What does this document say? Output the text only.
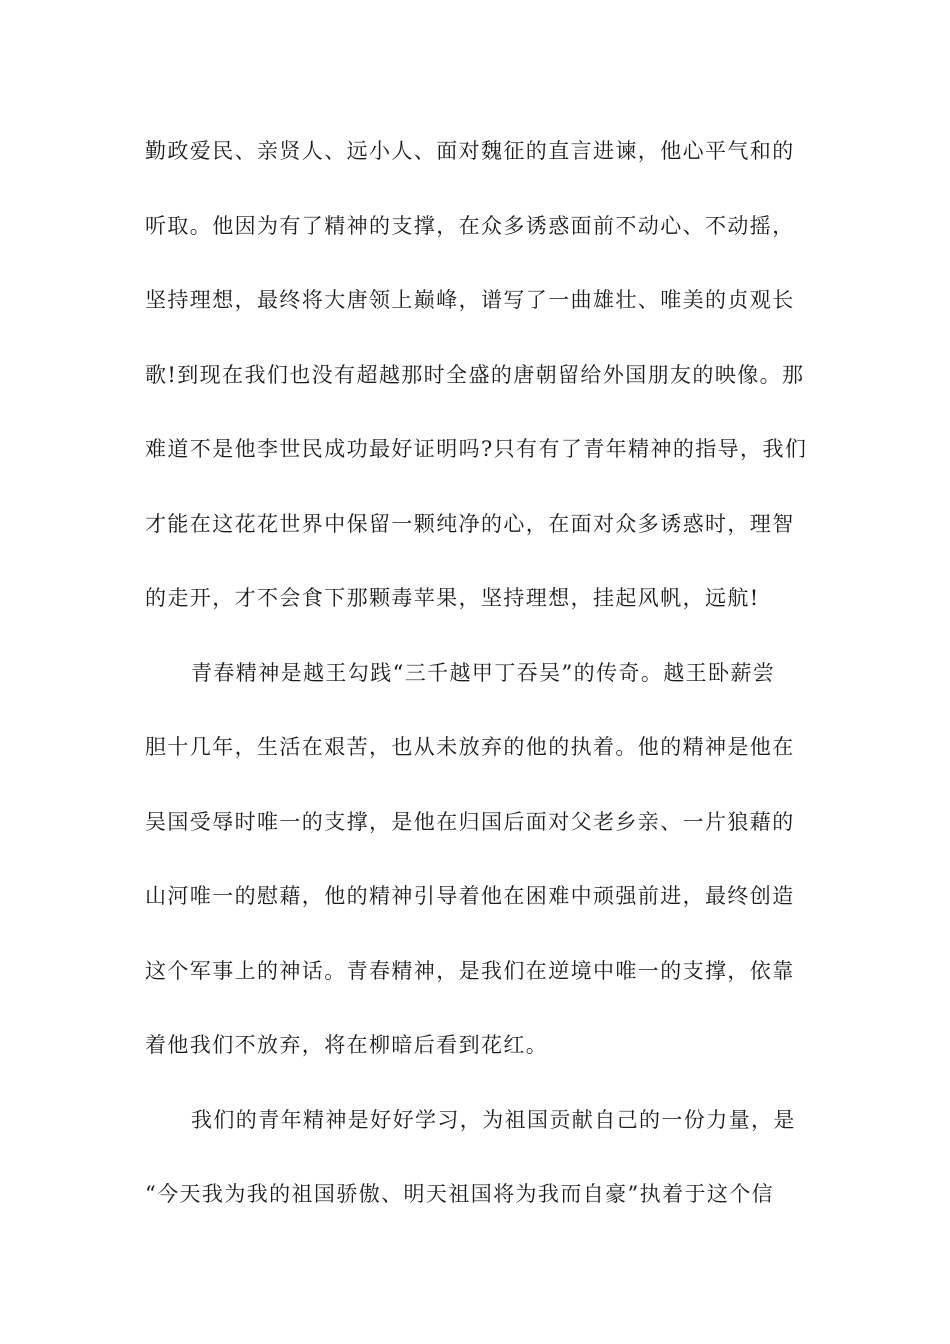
勤政爱民、亲贤人、远小人、面对魏征的直言进谏，他心平气和的
听取。他因为有了精神的支撑，在众多诱惑面前不动心、不动摇，
坚持理想，最终将大唐领上巅峰，谱写了一曲雄壮、唯美的贞观长
歌!到现在我们也没有超越那时全盛的唐朝留给外国朋友的映像。那
难道不是他李世民成功最好证明吗?只有有了青年精神的指导，我们
才能在这花花世界中保留一颗纯净的心，在面对众多诱惑时，理智
的走开，才不会食下那颗毒苹果，坚持理想，挂起风帆，远航!
青春精神是越王勾践“三千越甲丁吞吴”的传奇。越王卧薪尝
胆十几年，生活在艰苦，也从未放弃的他的执着。他的精神是他在
吴国受辱时唯一的支撑，是他在归国后面对父老乡亲、一片狼藉的
山河唯一的慰藉，他的精神引导着他在困难中顽强前进，最终创造
这个军事上的神话。青春精神，是我们在逆境中唯一的支撑，依靠
着他我们不放弃，将在柳暗后看到花红。
我们的青年精神是好好学习，为祖国贡献自己的一份力量，是
“今天我为我的祖国骄傲、明天祖国将为我而自豪”执着于这个信
